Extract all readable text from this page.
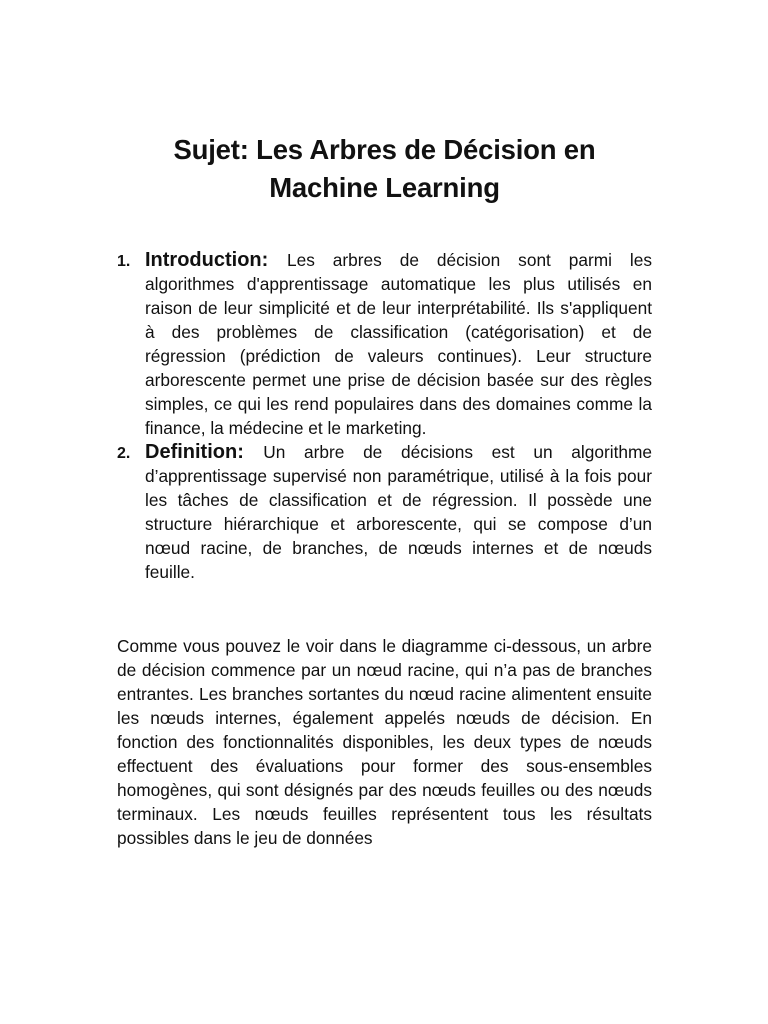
Sujet: Les Arbres de Décision en
Machine Learning
1. Introduction: Les arbres de décision sont parmi les algorithmes d'apprentissage automatique les plus utilisés en raison de leur simplicité et de leur interprétabilité. Ils s'appliquent à des problèmes de classification (catégorisation) et de régression (prédiction de valeurs continues). Leur structure arborescente permet une prise de décision basée sur des règles simples, ce qui les rend populaires dans des domaines comme la finance, la médecine et le marketing.
2. Definition: Un arbre de décisions est un algorithme d’apprentissage supervisé non paramétrique, utilisé à la fois pour les tâches de classification et de régression. Il possède une structure hiérarchique et arborescente, qui se compose d’un nœud racine, de branches, de nœuds internes et de nœuds feuille.

Comme vous pouvez le voir dans le diagramme ci-dessous, un arbre de décision commence par un nœud racine, qui n’a pas de branches entrantes. Les branches sortantes du nœud racine alimentent ensuite les nœuds internes, également appelés nœuds de décision. En fonction des fonctionnalités disponibles, les deux types de nœuds effectuent des évaluations pour former des sous-ensembles homogènes, qui sont désignés par des nœuds feuilles ou des nœuds terminaux. Les nœuds feuilles représentent tous les résultats possibles dans le jeu de données
